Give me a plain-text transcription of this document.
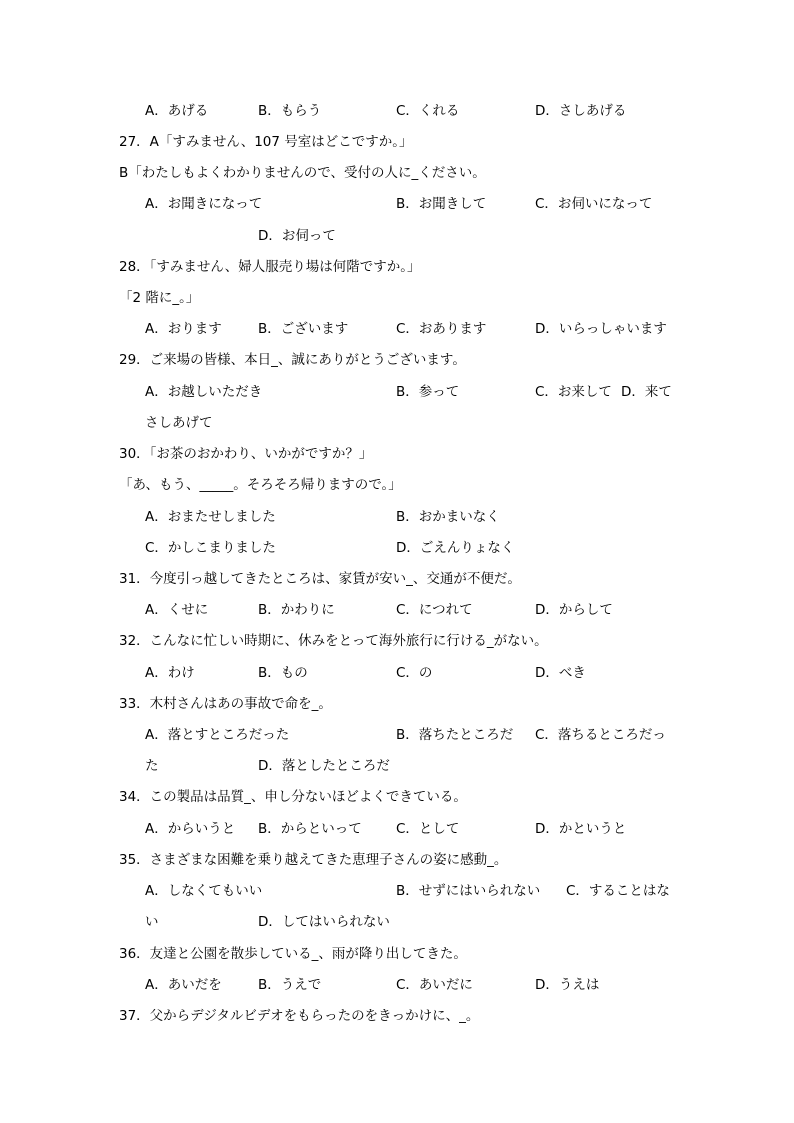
A．あげる	B．もらう	C．くれる	D．さしあげる
27．A「すみません、107 号室はどこですか。」
B「わたしもよくわかりませんので、受付の人に_ください。
A．お聞きになって	B．お聞きして	C．お伺いになって
D．お伺って
28．「すみません、婦人服売り場は何階ですか。」
「2 階に_。」
A．おります	B．ございます	C．おあります	D．いらっしゃいます
29．ご来場の皆様、本日_、誠にありがとうございます。
A．お越しいただき	B．参って	C．お来して D．来て
さしあげて
30．「お茶のおかわり、いかがですか？」
「あ、もう、_____。そろそろ帰りますので。」
A．おまたせしました	B．おかまいなく
C．かしこまりました	D．ごえんりょなく
31．今度引っ越してきたところは、家賃が安い_、交通が不便だ。
A．くせに	B．かわりに	C．につれて	D．からして
32．こんなに忙しい時期に、休みをとって海外旅行に行ける_がない。
A．わけ	B．もの	C．の	D．べき
33．木村さんはあの事故で命を_。
A．落とすところだった	B．落ちたところだ C．落ちるところだっ
た	D．落としたところだ
34．この製品は品質_、申し分ないほどよくできている。
A．からいうと B．からといって	C．として	D．かというと
35．さまざまな困難を乗り越えてきた恵理子さんの姿に感動_。
A．しなくてもいい	B．せずにはいられない C．することはな
い	D．してはいられない
36．友達と公園を散歩している_、雨が降り出してきた。
A．あいだを	B．うえで	C．あいだに	D．うえは
37．父からデジタルビデオをもらったのをきっかけに、_。
